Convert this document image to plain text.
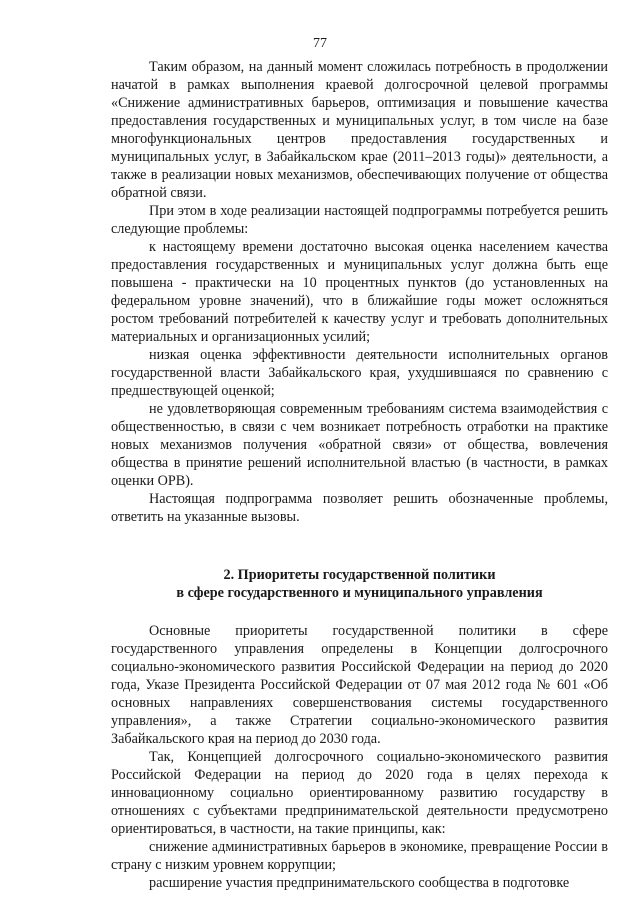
77

Таким образом, на данный момент сложилась потребность в продолжении начатой в рамках выполнения краевой долгосрочной целевой программы «Снижение административных барьеров, оптимизация и повышение качества предоставления государственных и муниципальных услуг, в том числе на базе многофункциональных центров предоставления государственных и муниципальных услуг, в Забайкальском крае (2011–2013 годы)» деятельности, а также в реализации новых механизмов, обеспечивающих получение от общества обратной связи.

При этом в ходе реализации настоящей подпрограммы потребуется решить следующие проблемы:

к настоящему времени достаточно высокая оценка населением качества предоставления государственных и муниципальных услуг должна быть еще повышена - практически на 10 процентных пунктов (до установленных на федеральном уровне значений), что в ближайшие годы может осложняться ростом требований потребителей к качеству услуг и требовать дополнительных материальных и организационных усилий;

низкая оценка эффективности деятельности исполнительных органов государственной власти Забайкальского края, ухудшившаяся по сравнению с предшествующей оценкой;

не удовлетворяющая современным требованиям система взаимодействия с общественностью, в связи с чем возникает потребность отработки на практике новых механизмов получения «обратной связи» от общества, вовлечения общества в принятие решений исполнительной властью (в частности, в рамках оценки ОРВ).

Настоящая подпрограмма позволяет решить обозначенные проблемы, ответить на указанные вызовы.

2. Приоритеты государственной политики
в сфере государственного и муниципального управления

Основные приоритеты государственной политики в сфере государственного управления определены в Концепции долгосрочного социально-экономического развития Российской Федерации на период до 2020 года, Указе Президента Российской Федерации от 07 мая 2012 года № 601 «Об основных направлениях совершенствования системы государственного управления», а также Стратегии социально-экономического развития Забайкальского края на период до 2030 года.

Так, Концепцией долгосрочного социально-экономического развития Российской Федерации на период до 2020 года в целях перехода к инновационному социально ориентированному развитию государству в отношениях с субъектами предпринимательской деятельности предусмотрено ориентироваться, в частности, на такие принципы, как:

снижение административных барьеров в экономике, превращение России в страну с низким уровнем коррупции;

расширение участия предпринимательского сообщества в подготовке
